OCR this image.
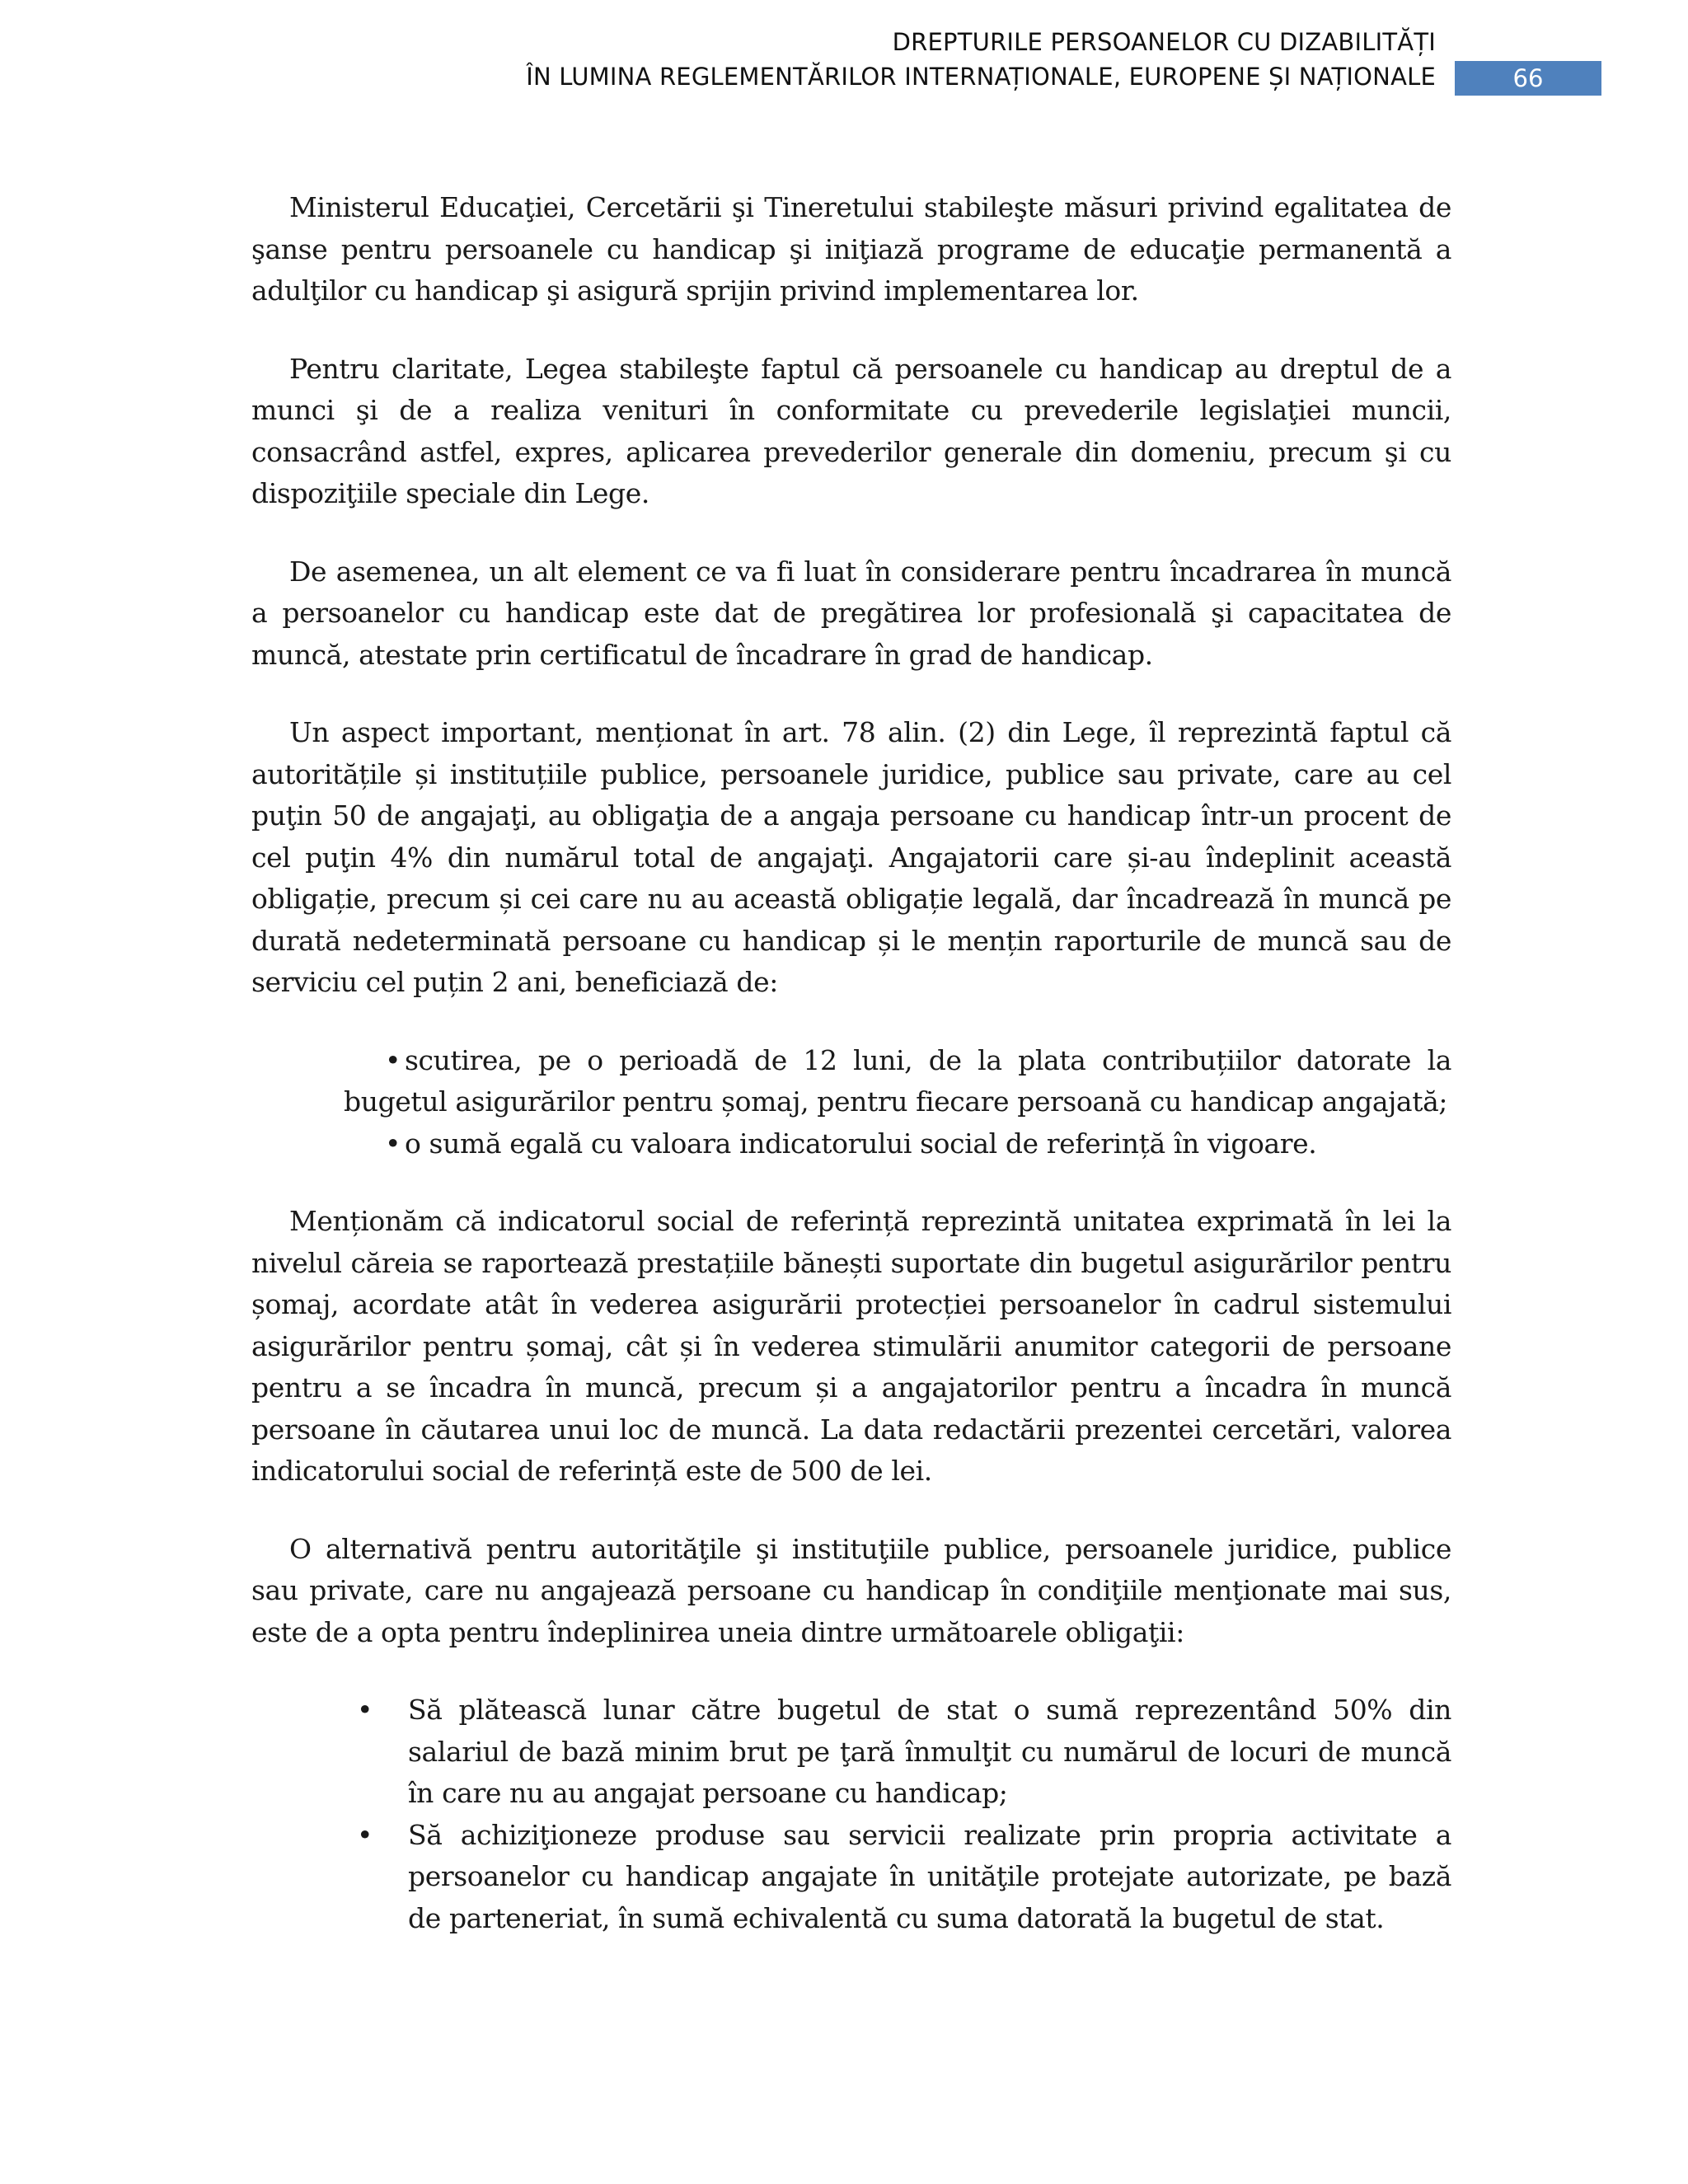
DREPTURILE PERSOANELOR CU DIZABILITĂȚI
ÎN LUMINA REGLEMENTĂRILOR INTERNAȚIONALE, EUROPENE ȘI NAȚIONALE	66

Ministerul Educaţiei, Cercetării şi Tineretului stabileşte măsuri privind egalitatea de şanse pentru persoanele cu handicap şi iniţiază programe de educaţie permanentă a adulţilor cu handicap şi asigură sprijin privind implementarea lor.

Pentru claritate, Legea stabileşte faptul că persoanele cu handicap au dreptul de a munci şi de a realiza venituri în conformitate cu prevederile legislaţiei muncii, consacrând astfel, expres, aplicarea prevederilor generale din domeniu, precum şi cu dispoziţiile speciale din Lege.

De asemenea, un alt element ce va fi luat în considerare pentru încadrarea în muncă a persoanelor cu handicap este dat de pregătirea lor profesională şi capacitatea de muncă, atestate prin certificatul de încadrare în grad de handicap.

Un aspect important, menționat în art. 78 alin. (2) din Lege, îl reprezintă faptul că autoritățile și instituțiile publice, persoanele juridice, publice sau private, care au cel puţin 50 de angajaţi, au obligaţia de a angaja persoane cu handicap într-un procent de cel puţin 4% din numărul total de angajaţi. Angajatorii care și-au îndeplinit această obligație, precum și cei care nu au această obligație legală, dar încadrează în muncă pe durată nedeterminată persoane cu handicap și le mențin raporturile de muncă sau de serviciu cel puțin 2 ani, beneficiază de:

• scutirea, pe o perioadă de 12 luni, de la plata contribuțiilor datorate la bugetul asigurărilor pentru șomaj, pentru fiecare persoană cu handicap angajată;
• o sumă egală cu valoara indicatorului social de referință în vigoare.

Menționăm că indicatorul social de referință reprezintă unitatea exprimată în lei la nivelul căreia se raportează prestațiile bănești suportate din bugetul asigurărilor pentru șomaj, acordate atât în vederea asigurării protecției persoanelor în cadrul sistemului asigurărilor pentru șomaj, cât și în vederea stimulării anumitor categorii de persoane pentru a se încadra în muncă, precum și a angajatorilor pentru a încadra în muncă persoane în căutarea unui loc de muncă. La data redactării prezentei cercetări, valorea indicatorului social de referință este de 500 de lei.

O alternativă pentru autorităţile şi instituţiile publice, persoanele juridice, publice sau private, care nu angajează persoane cu handicap în condiţiile menţionate mai sus, este de a opta pentru îndeplinirea uneia dintre următoarele obligaţii:

• Să plătească lunar către bugetul de stat o sumă reprezentând 50% din salariul de bază minim brut pe ţară înmulţit cu numărul de locuri de muncă în care nu au angajat persoane cu handicap;
• Să achiziţioneze produse sau servicii realizate prin propria activitate a persoanelor cu handicap angajate în unităţile protejate autorizate, pe bază de parteneriat, în sumă echivalentă cu suma datorată la bugetul de stat.
